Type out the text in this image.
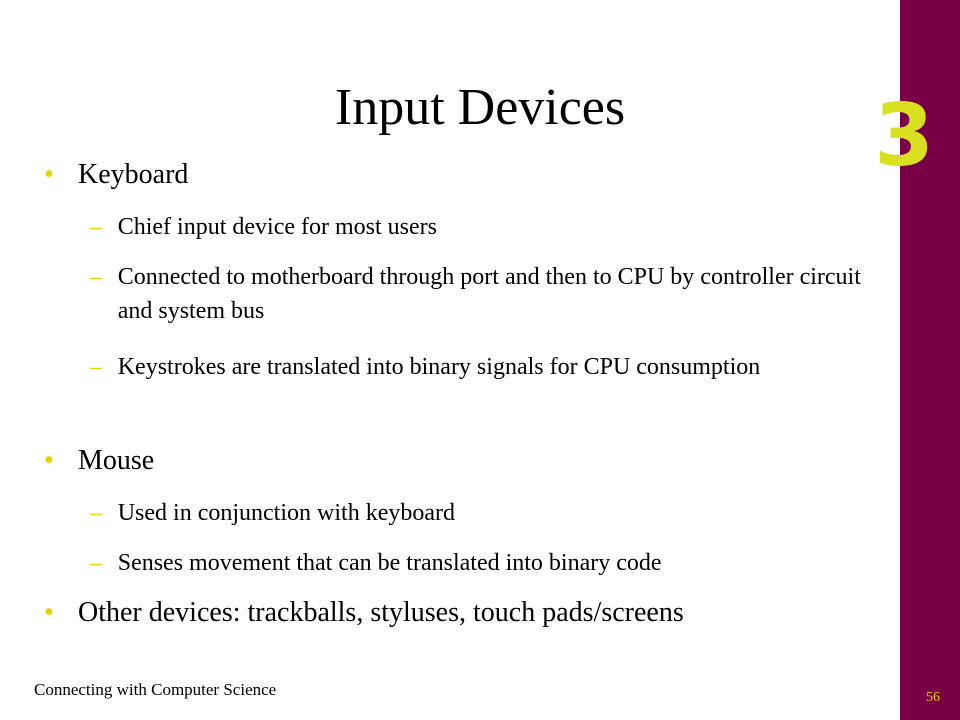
3
Input Devices
• Keyboard
– Chief input device for most users
– Connected to motherboard through port and then to CPU by controller circuit and system bus
– Keystrokes are translated into binary signals for CPU consumption
• Mouse
– Used in conjunction with keyboard
– Senses movement that can be translated into binary code
• Other devices: trackballs, styluses, touch pads/screens
Connecting with Computer Science	56
